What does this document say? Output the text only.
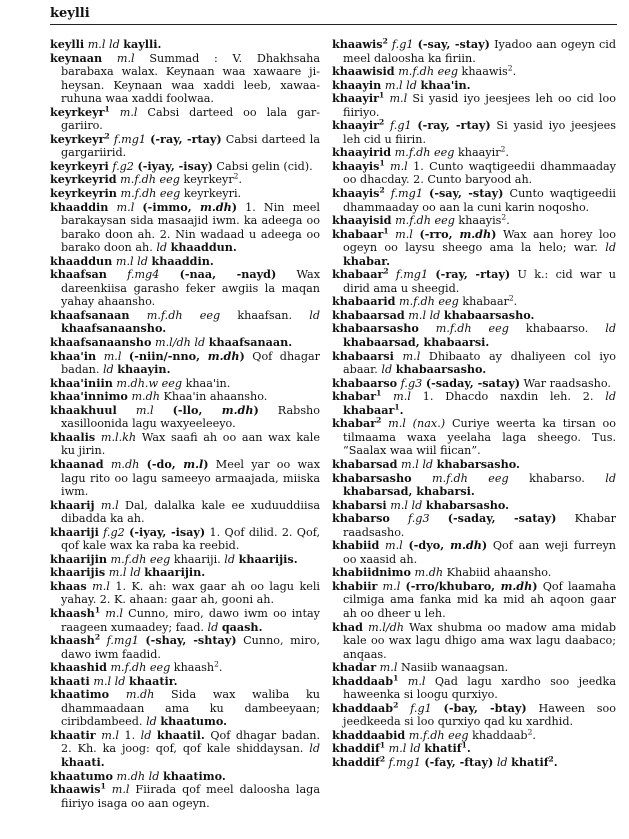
keylli
keylli m.l ld kaylli.
keynaan m.l Summad : V. Dhakhsaha barabaxa walax. Keynaan waa xawaare ji-heysan. Keynaan waa xaddi leeb, xawaa-ruhuna waa xaddi foolwaa.
keyrkeyr$^1$ m.l Cabsi darteed oo lala gar-gariiro.
keyrkeyr$^2$ f.mg1 (-ray, -rtay) Cabsi darteed la gargariirid.
keyrkeyri f.g2 (-iyay, -isay) Cabsi gelin (cid).
keyrkeyrid m.f.dh eeg keyrkeyr$^2$.
keyrkeyrin m.f.dh eeg keyrkeyri.
khaaddin m.l (-immo, m.dh) 1. Nin meel barakaysan sida masaajid iwm. ka adeega oo barako doon ah. 2. Nin wadaad u adeega oo barako doon ah. ld khaaddun.
khaaddun m.l ld khaaddin.
khaafsan f.mg4 (-naa, -nayd) Wax dareenkiisa garasho feker awgiis la maqan yahay ahaansho.
khaafsanaan m.f.dh eeg khaafsan. ld khaafsanaansho.
khaafsanaansho m.l/dh ld khaafsanaan.
khaa'in m.l (-niin/-nno, m.dh) Qof dhagar badan. ld khaayin.
khaa'iniin m.dh.w eeg khaa'in.
khaa'innimo m.dh Khaa'in ahaansho.
khaakhuul m.l (-llo, m.dh) Rabsho xasilloonida lagu waxyeeleeyo.
khaalis m.l.kh Wax saafi ah oo aan wax kale ku jirin.
khaanad m.dh (-do, m.l) Meel yar oo wax lagu rito oo lagu sameeyo armaajada, miiska iwm.
khaarij m.l Dal, dalalka kale ee xuduuddiisa dibadda ka ah.
khaariji f.g2 (-iyay, -isay) 1. Qof dilid. 2. Qof, qof kale wax ka raba ka reebid.
khaarijin m.f.dh eeg khaariji. ld khaarijis.
khaarijis m.l ld khaarijin.
khaas m.l 1. K. ah: wax gaar ah oo lagu keli yahay. 2. K. ahaan: gaar ah, gooni ah.
khaash$^1$ m.l Cunno, miro, dawo iwm oo intay raageen xumaadey; faad. ld qaash.
khaash$^2$ f.mg1 (-shay, -shtay) Cunno, miro, dawo iwm faadid.
khaashid m.f.dh eeg khaash$^2$.
khaati m.l ld khaatir.
khaatimo m.dh Sida wax waliba ku dhammaadaan ama ku dambeeyaan; ciribdambeed. ld khaatumo.
khaatir m.l 1. ld khaatil. Qof dhagar badan. 2. Kh. ka joog: qof, qof kale shiddaysan. ld khaati.
khaatumo m.dh ld khaatimo.
khaawis$^1$ m.l Fiirada qof meel daloosha laga fiiriyo isaga oo aan ogeyn.
khaawis$^2$ f.g1 (-say, -stay) Iyadoo aan ogeyn cid meel daloosha ka firiin.
khaawisid m.f.dh eeg khaawis$^2$.
khaayin m.l ld khaa'in.
khaayir$^1$ m.l Si yasid iyo jeesjees leh oo cid loo fiiriyo.
khaayir$^2$ f.g1 (-ray, -rtay) Si yasid iyo jeesjees leh cid u fiirin.
khaayirid m.f.dh eeg khaayir$^2$.
khaayis$^1$ m.l 1. Cunto waqtigeedii dhammaaday oo dhacday. 2. Cunto baryood ah.
khaayis$^2$ f.mg1 (-say, -stay) Cunto waqtigeedii dhammaaday oo aan la cuni karin noqosho.
khaayisid m.f.dh eeg khaayis$^2$.
khabaar$^1$ m.l (-rro, m.dh) Wax aan horey loo ogeyn oo laysu sheego ama la helo; war. ld khabar.
khabaar$^2$ f.mg1 (-ray, -rtay) U k.: cid war u dirid ama u sheegid.
khabaarid m.f.dh eeg khabaar$^2$.
khabaarsad m.l ld khabaarsasho.
khabaarsasho m.f.dh eeg khabaarso. ld khabaarsad, khabaarsi.
khabaarsi m.l Dhibaato ay dhaliyeen col iyo abaar. ld khabaarsasho.
khabaarso f.g3 (-saday, -satay) War raadsasho.
khabar$^1$ m.l 1. Dhacdo naxdin leh. 2. ld khabaar$^1$.
khabar$^2$ m.l (nax.) Curiye weerta ka tirsan oo tilmaama waxa yeelaha laga sheego. Tus. “Saalax waa wiil fiican”.
khabarsad m.l ld khabarsasho.
khabarsasho m.f.dh eeg khabarso. ld khabarsad, khabarsi.
khabarsi m.l ld khabarsasho.
khabarso f.g3 (-saday, -satay) Khabar raadsasho.
khabiid m.l (-dyo, m.dh) Qof aan weji furreyn oo xaasid ah.
khabiidnimo m.dh Khabiid ahaansho.
khabiir m.l (-rro/khubaro, m.dh) Qof laamaha cilmiga ama fanka mid ka mid ah aqoon gaar ah oo dheer u leh.
khad m.l/dh Wax shubma oo madow ama midab kale oo wax lagu dhigo ama wax lagu daabaco; anqaas.
khadar m.l Nasiib wanaagsan.
khaddaab$^1$ m.l Qad lagu xardho soo jeedka haweenka si loogu qurxiyo.
khaddaab$^2$ f.g1 (-bay, -btay) Haween soo jeedkeeda si loo qurxiyo qad ku xardhid.
khaddaabid m.f.dh eeg khaddaab$^2$.
khaddif$^1$ m.l ld khatif$^1$.
khaddif$^2$ f.mg1 (-fay, -ftay) ld khatif$^2$.
